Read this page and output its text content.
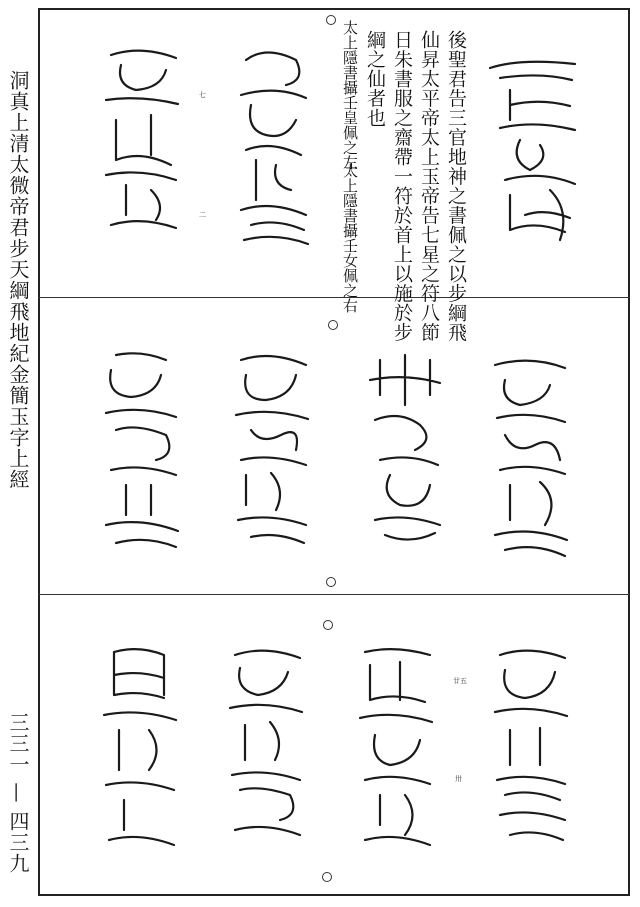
洞真上清太微帝君步天綱飛地紀金簡玉字上經
三三一 — 四三九
後聖君告三官地神之書佩之以步綱飛
仙昇太平帝太上玉帝告七星之符八節
日朱書服之齋帶一符於首上以施於步
綱之仙者也
太上隱書攝壬皇佩之左
太上隱書攝壬女佩之右
七
二
廿五
卅
